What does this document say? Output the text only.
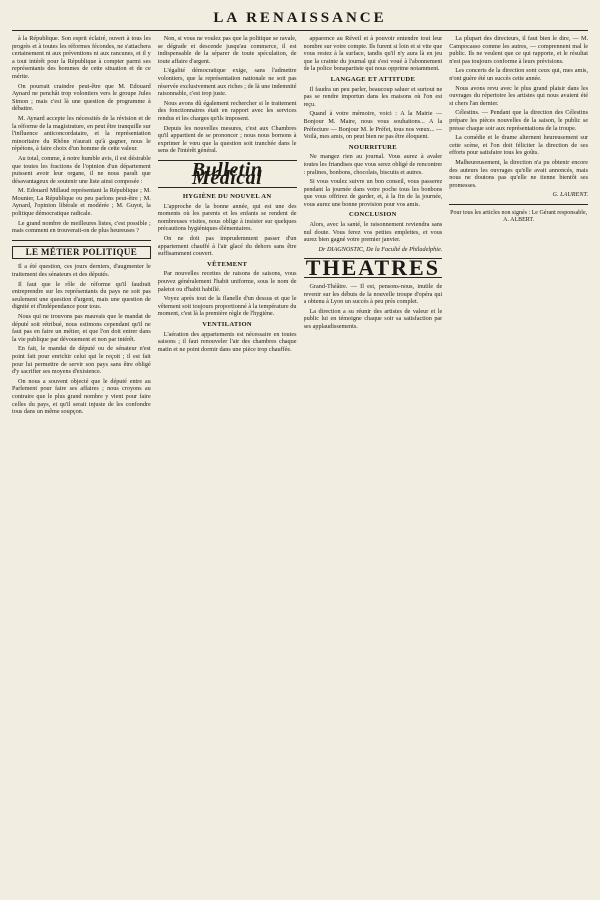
LA RENAISSANCE

à la République. Son esprit éclairé, ouvert à tous les progrès et à toutes les réformes fécondes, ne s'attachera certainement ni aux préventions ni aux rancunes, et il y a tout intérêt pour la République à compter parmi ses représentants des hommes de cette situation et de ce mérite.

On pourrait craindre peut-être que M. Edouard Aynard ne penchât trop volontiers vers le groupe Jules Simon ; mais c'est là une question de programme à débattre.

M. Aynard accepte les nécessités de la révision et de la réforme de la magistrature, en peut être tranquille sur l'influence anticoncordataire, et la représentation minoritaire du Rhône n'aurait qu'à gagner, nous le répétons, à faire choix d'un homme de cette valeur.

Au total, comme, à notre humble avis, il est désirable que toutes les fractions de l'opinion d'un département puissent avoir leur organe, il ne nous paraît que désavantageux de soutenir une liste ainsi composée :

M. Edouard Millaud représentant la République ; M. Mounier, La République ou peu parlons peut-être ; M. Aynard, l'opinion libérale et modérée ; M. Guyot, la politique démocratique radicale.

Le grand nombre de meilleures listes, c'est possible ; mais comment en trouverait-on de plus heureuses ?

LE MÉTIER POLITIQUE

Il a été question, ces jours derniers, d'augmenter le traitement des sénateurs et des députés.

Il faut que le rôle de réforme qu'il faudrait entreprendre sur les représentants du pays ne soit pas seulement une question d'argent, mais une question de dignité et d'indépendance pour tous.

Nous qui ne trouvons pas mauvais que le mandat de député soit rétribué, nous estimons cependant qu'il ne faut pas en faire un métier, et que l'on doit entrer dans la vie publique par dévouement et non par intérêt.

En fait, le mandat de député ou de sénateur n'est point fait pour enrichir celui qui le reçoit ; il est fait pour lui permettre de servir son pays sans être obligé d'y sacrifier ses moyens d'existence.

On nous a souvent objecté que le député entre au Parlement pour faire ses affaires ; nous croyons au contraire que le plus grand nombre y vient pour faire celles du pays, et qu'il serait injuste de les confondre tous dans un même soupçon.

Non, si vous ne voulez pas que la politique se ravale, se dégrade et descende jusqu'au commerce, il est indispensable de la séparer de toute spéculation, de toute affaire d'argent.

L'égalité démocratique exige, sans l'admettre volontiers, que la représentation nationale ne soit pas réservée exclusivement aux riches ; de là une indemnité raisonnable, c'est trop juste.

Nous avons dû également rechercher si le traitement des fonctionnaires était en rapport avec les services rendus et les charges qu'ils imposent.

Depuis les nouvelles mesures, c'est aux Chambres qu'il appartient de se prononcer ; nous nous bornons à exprimer le vœu que la question soit tranchée dans le sens de l'intérêt général.

Bulletin Médical
HYGIÈNE DU NOUVEL AN

L'approche de la bonne année, qui est une des moments où les parents et les enfants se rendent de nombreuses visites, nous oblige à insister sur quelques précautions hygiéniques élémentaires.

On ne doit pas imprudemment passer d'un appartement chauffé à l'air glacé du dehors sans être suffisamment couvert.

VÊTEMENT

Par nouvelles recettes de raisons de saisons, vous pouvez généralement l'habit uniforme, sous le nom de paletot ou d'habit habillé.

Voyez après tout de la flanelle d'un dessus et que le vêtement soit toujours proportionné à la température du moment, c'est là la première règle de l'hygiène.

VENTILATION

L'aération des appartements est nécessaire en toutes saisons ; il faut renouveler l'air des chambres chaque matin et ne point dormir dans une pièce trop chauffée.

apparence au Réveil et à pouvoir entendre tout leur nombre sur votre compte. Ils furent si loin et si vite que vous restez à la surface, tandis qu'il n'y aura là en jeu que la crainte du journal qui s'est voué à l'abonnement de la police bonapartiste qui nous opprime notamment.

LANGAGE ET ATTITUDE

Il faudra un peu parler, beaucoup saluer et surtout ne pas se rendre importun dans les maisons où l'on est reçu.

Quand à votre mémoire, voici : A la Mairie — Bonjour M. Maire, nous vous souhaitons... A la Préfecture — Bonjour M. le Préfet, tous nos vœux... — Voilà, mes amis, on peut bien ne pas être éloquent.

NOURRITURE

Ne mangez rien au journal. Vous aurez à avaler toutes les friandises que vous serez obligé de rencontrer : pralines, bonbons, chocolats, biscuits et autres.

Si vous voulez suivre un bon conseil, vous passerez pendant la journée dans votre poche tous les bonbons que vous offrirez de garder, et, à la fin de la journée, vous aurez une bonne provision pour vos amis.

CONCLUSION

Alors, avec la santé, le raisonnement reviendra sans nul doute. Vous ferez vos petites emplettes, et vous aurez bien gagné votre premier janvier.

Dr DIAGNOSTIC, De la Faculté de Philadelphie.
THEATRES

Grand-Théâtre. — Il est, pensons-nous, inutile de revenir sur les débuts de la nouvelle troupe d'opéra qui a obtenu à Lyon un succès à peu près complet.

La direction a su réunir des artistes de valeur et le public lui en témoigne chaque soir sa satisfaction par ses applaudissements.

La plupart des directeurs, il faut bien le dire, — M. Campocasso comme les autres, — comprennent mal le public. Ils ne veulent que ce qui rapporte, et le résultat n'est pas toujours conforme à leurs prévisions.

Les concerts de la direction sont ceux qui, mes amis, n'ont guère été un succès cette année.

Nous avons revu avec le plus grand plaisir dans les ouvrages du répertoire les artistes qui nous avaient été si chers l'an dernier.

Célestins. — Pendant que la direction des Célestins prépare les pièces nouvelles de la saison, le public se presse chaque soir aux représentations de la troupe.

La comédie et le drame alternent heureusement sur cette scène, et l'on doit féliciter la direction de ses efforts pour satisfaire tous les goûts.

Malheureusement, la direction n'a pu obtenir encore des auteurs les ouvrages qu'elle avait annoncés, mais nous ne doutons pas qu'elle ne tienne bientôt ses promesses.

G. LAURENT.
Pour tous les articles non signés : Le Gérant responsable, A. ALBERT.
